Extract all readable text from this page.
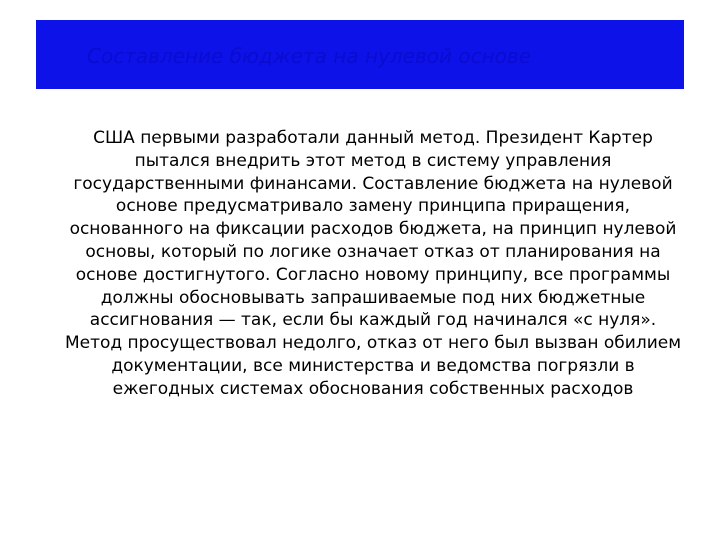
Составление бюджета на нулевой основе

США первыми разработали данный метод. Президент Картер пытался внедрить этот метод в систему управления государственными финансами. Составление бюджета на нулевой основе предусматривало замену принципа приращения, основанного на фиксации расходов бюджета, на принцип нулевой основы, который по логике означает отказ от планирования на основе достигнутого. Согласно новому принципу, все программы должны обосновывать запрашиваемые под них бюджетные ассигнования — так, если бы каждый год начинался «с нуля». Метод просуществовал недолго, отказ от него был вызван обилием документации, все министерства и ведомства погрязли в ежегодных системах обоснования собственных расходов
